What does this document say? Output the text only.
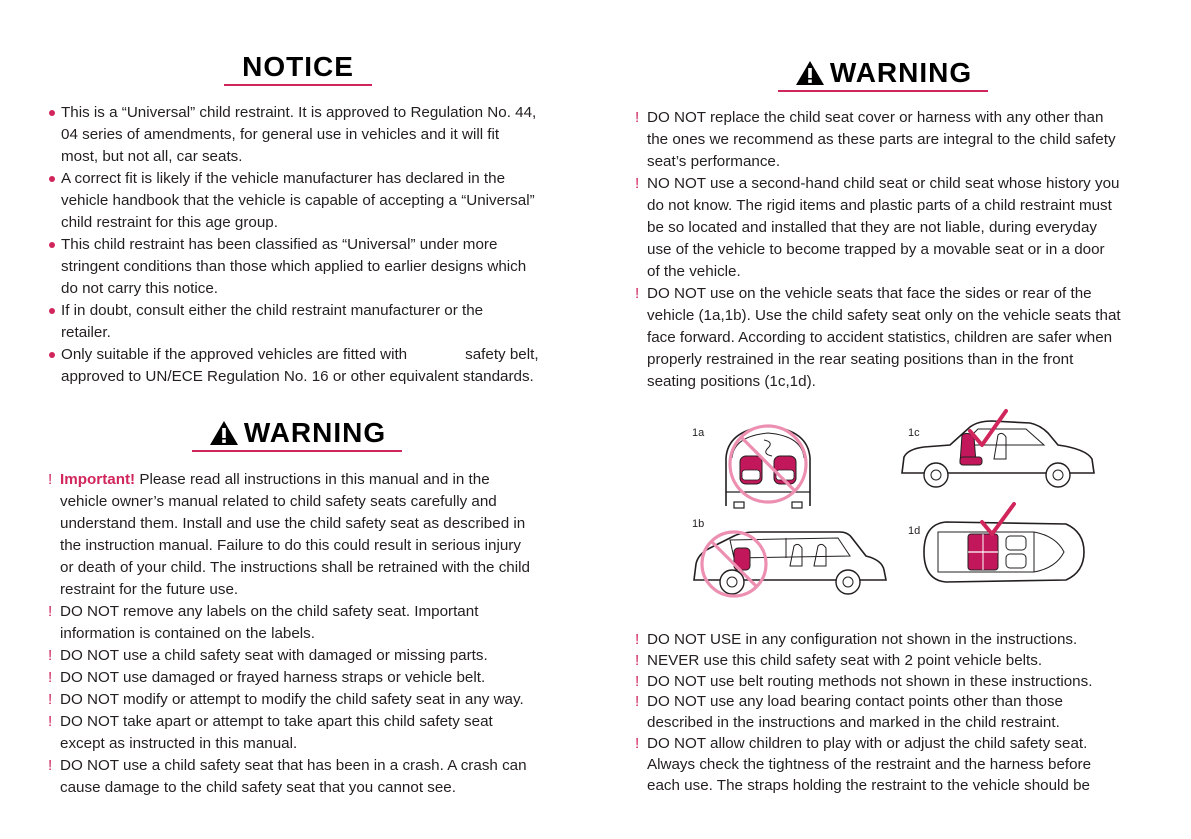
NOTICE
This is a “Universal” child restraint. It is approved to Regulation No. 44,
04 series of amendments, for general use in vehicles and it will fit
most, but not all, car seats.
A correct fit is likely if the vehicle manufacturer has declared in the
vehicle handbook that the vehicle is capable of accepting a “Universal”
child restraint for this age group.
This child restraint has been classified as “Universal” under more
stringent conditions than those which applied to earlier designs which
do not carry this notice.
If in doubt, consult either the child restraint manufacturer or the
retailer.
Only suitable if the approved vehicles are fitted with	safety belt,
approved to UN/ECE Regulation No. 16 or other equivalent standards.
WARNING
! Important! Please read all instructions in this manual and in the
vehicle owner’s manual related to child safety seats carefully and
understand them. Install and use the child safety seat as described in
the instruction manual. Failure to do this could result in serious injury
or death of your child. The instructions shall be retrained with the child
restraint for the future use.
! DO NOT remove any labels on the child safety seat. Important
information is contained on the labels.
! DO NOT use a child safety seat with damaged or missing parts.
! DO NOT use damaged or frayed harness straps or vehicle belt.
! DO NOT modify or attempt to modify the child safety seat in any way.
! DO NOT take apart or attempt to take apart this child safety seat
except as instructed in this manual.
! DO NOT use a child safety seat that has been in a crash. A crash can
cause damage to the child safety seat that you cannot see.
WARNING
! DO NOT replace the child seat cover or harness with any other than
the ones we recommend as these parts are integral to the child safety
seat’s performance.
! NO NOT use a second-hand child seat or child seat whose history you
do not know. The rigid items and plastic parts of a child restraint must
be so located and installed that they are not liable, during everyday
use of the vehicle to become trapped by a movable seat or in a door
of the vehicle.
! DO NOT use on the vehicle seats that face the sides or rear of the
vehicle (1a,1b). Use the child safety seat only on the vehicle seats that
face forward. According to accident statistics, children are safer when
properly restrained in the rear seating positions than in the front
seating positions (1c,1d).
1a	1c
1b
1d
! DO NOT USE in any configuration not shown in the instructions.
! NEVER use this child safety seat with 2 point vehicle belts.
! DO NOT use belt routing methods not shown in these instructions.
! DO NOT use any load bearing contact points other than those
described in the instructions and marked in the child restraint.
! DO NOT allow children to play with or adjust the child safety seat.
Always check the tightness of the restraint and the harness before
each use. The straps holding the restraint to the vehicle should be
